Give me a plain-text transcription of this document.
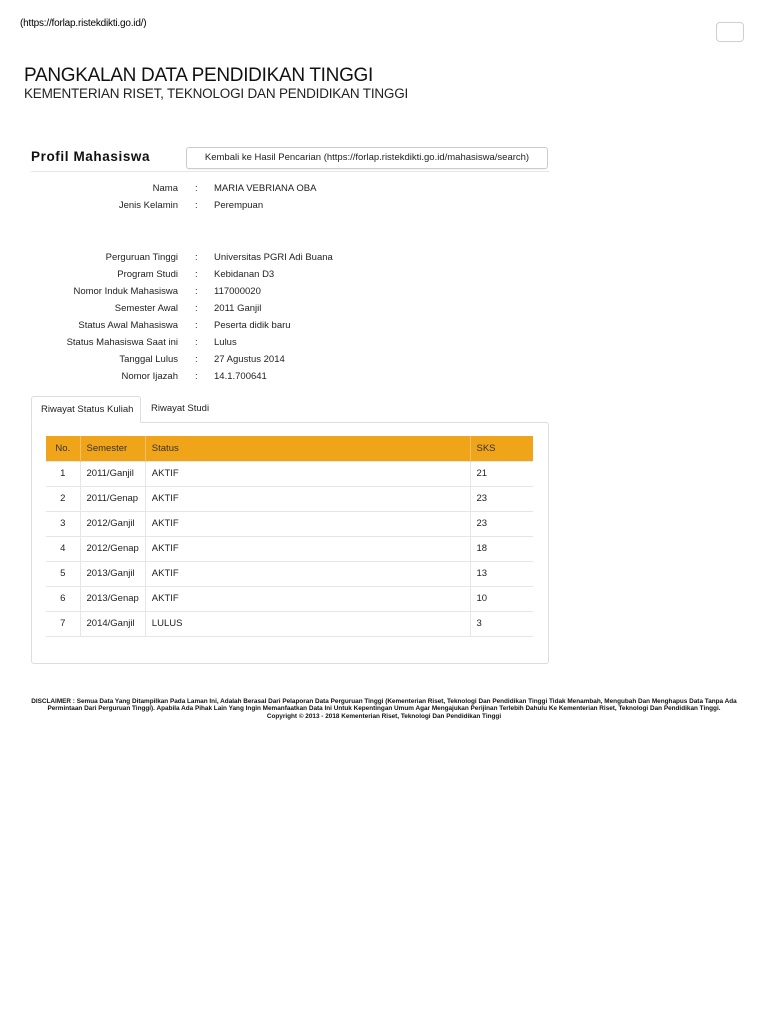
(https://forlap.ristekdikti.go.id/)
PANGKALAN DATA PENDIDIKAN TINGGI
KEMENTERIAN RISET, TEKNOLOGI DAN PENDIDIKAN TINGGI
Profil Mahasiswa	Kembali ke Hasil Pencarian (https://forlap.ristekdikti.go.id/mahasiswa/search)
Nama : MARIA VEBRIANA OBA
Jenis Kelamin : Perempuan
Perguruan Tinggi : Universitas PGRI Adi Buana
Program Studi : Kebidanan D3
Nomor Induk Mahasiswa : 117000020
Semester Awal : 2011 Ganjil
Status Awal Mahasiswa : Peserta didik baru
Status Mahasiswa Saat ini : Lulus
Tanggal Lulus : 27 Agustus 2014
Nomor Ijazah : 14.1.700641
Riwayat Status Kuliah	Riwayat Studi
No.	Semester	Status	SKS
1	2011/Ganjil	AKTIF	21
2	2011/Genap	AKTIF	23
3	2012/Ganjil	AKTIF	23
4	2012/Genap	AKTIF	18
5	2013/Ganjil	AKTIF	13
6	2013/Genap	AKTIF	10
7	2014/Ganjil	LULUS	3
DISCLAIMER : Semua Data Yang Ditampilkan Pada Laman Ini, Adalah Berasal Dari Pelaporan Data Perguruan Tinggi (Kementerian Riset, Teknologi Dan Pendidikan Tinggi Tidak Menambah, Mengubah Dan Menghapus Data Tanpa Ada Permintaan Dari Perguruan Tinggi). Apabila Ada Pihak Lain Yang Ingin Memanfaatkan Data Ini Untuk Kepentingan Umum Agar Mengajukan Perijinan Terlebih Dahulu Ke Kementerian Riset, Teknologi Dan Pendidikan Tinggi.
Copyright © 2013 - 2018 Kementerian Riset, Teknologi Dan Pendidikan Tinggi
